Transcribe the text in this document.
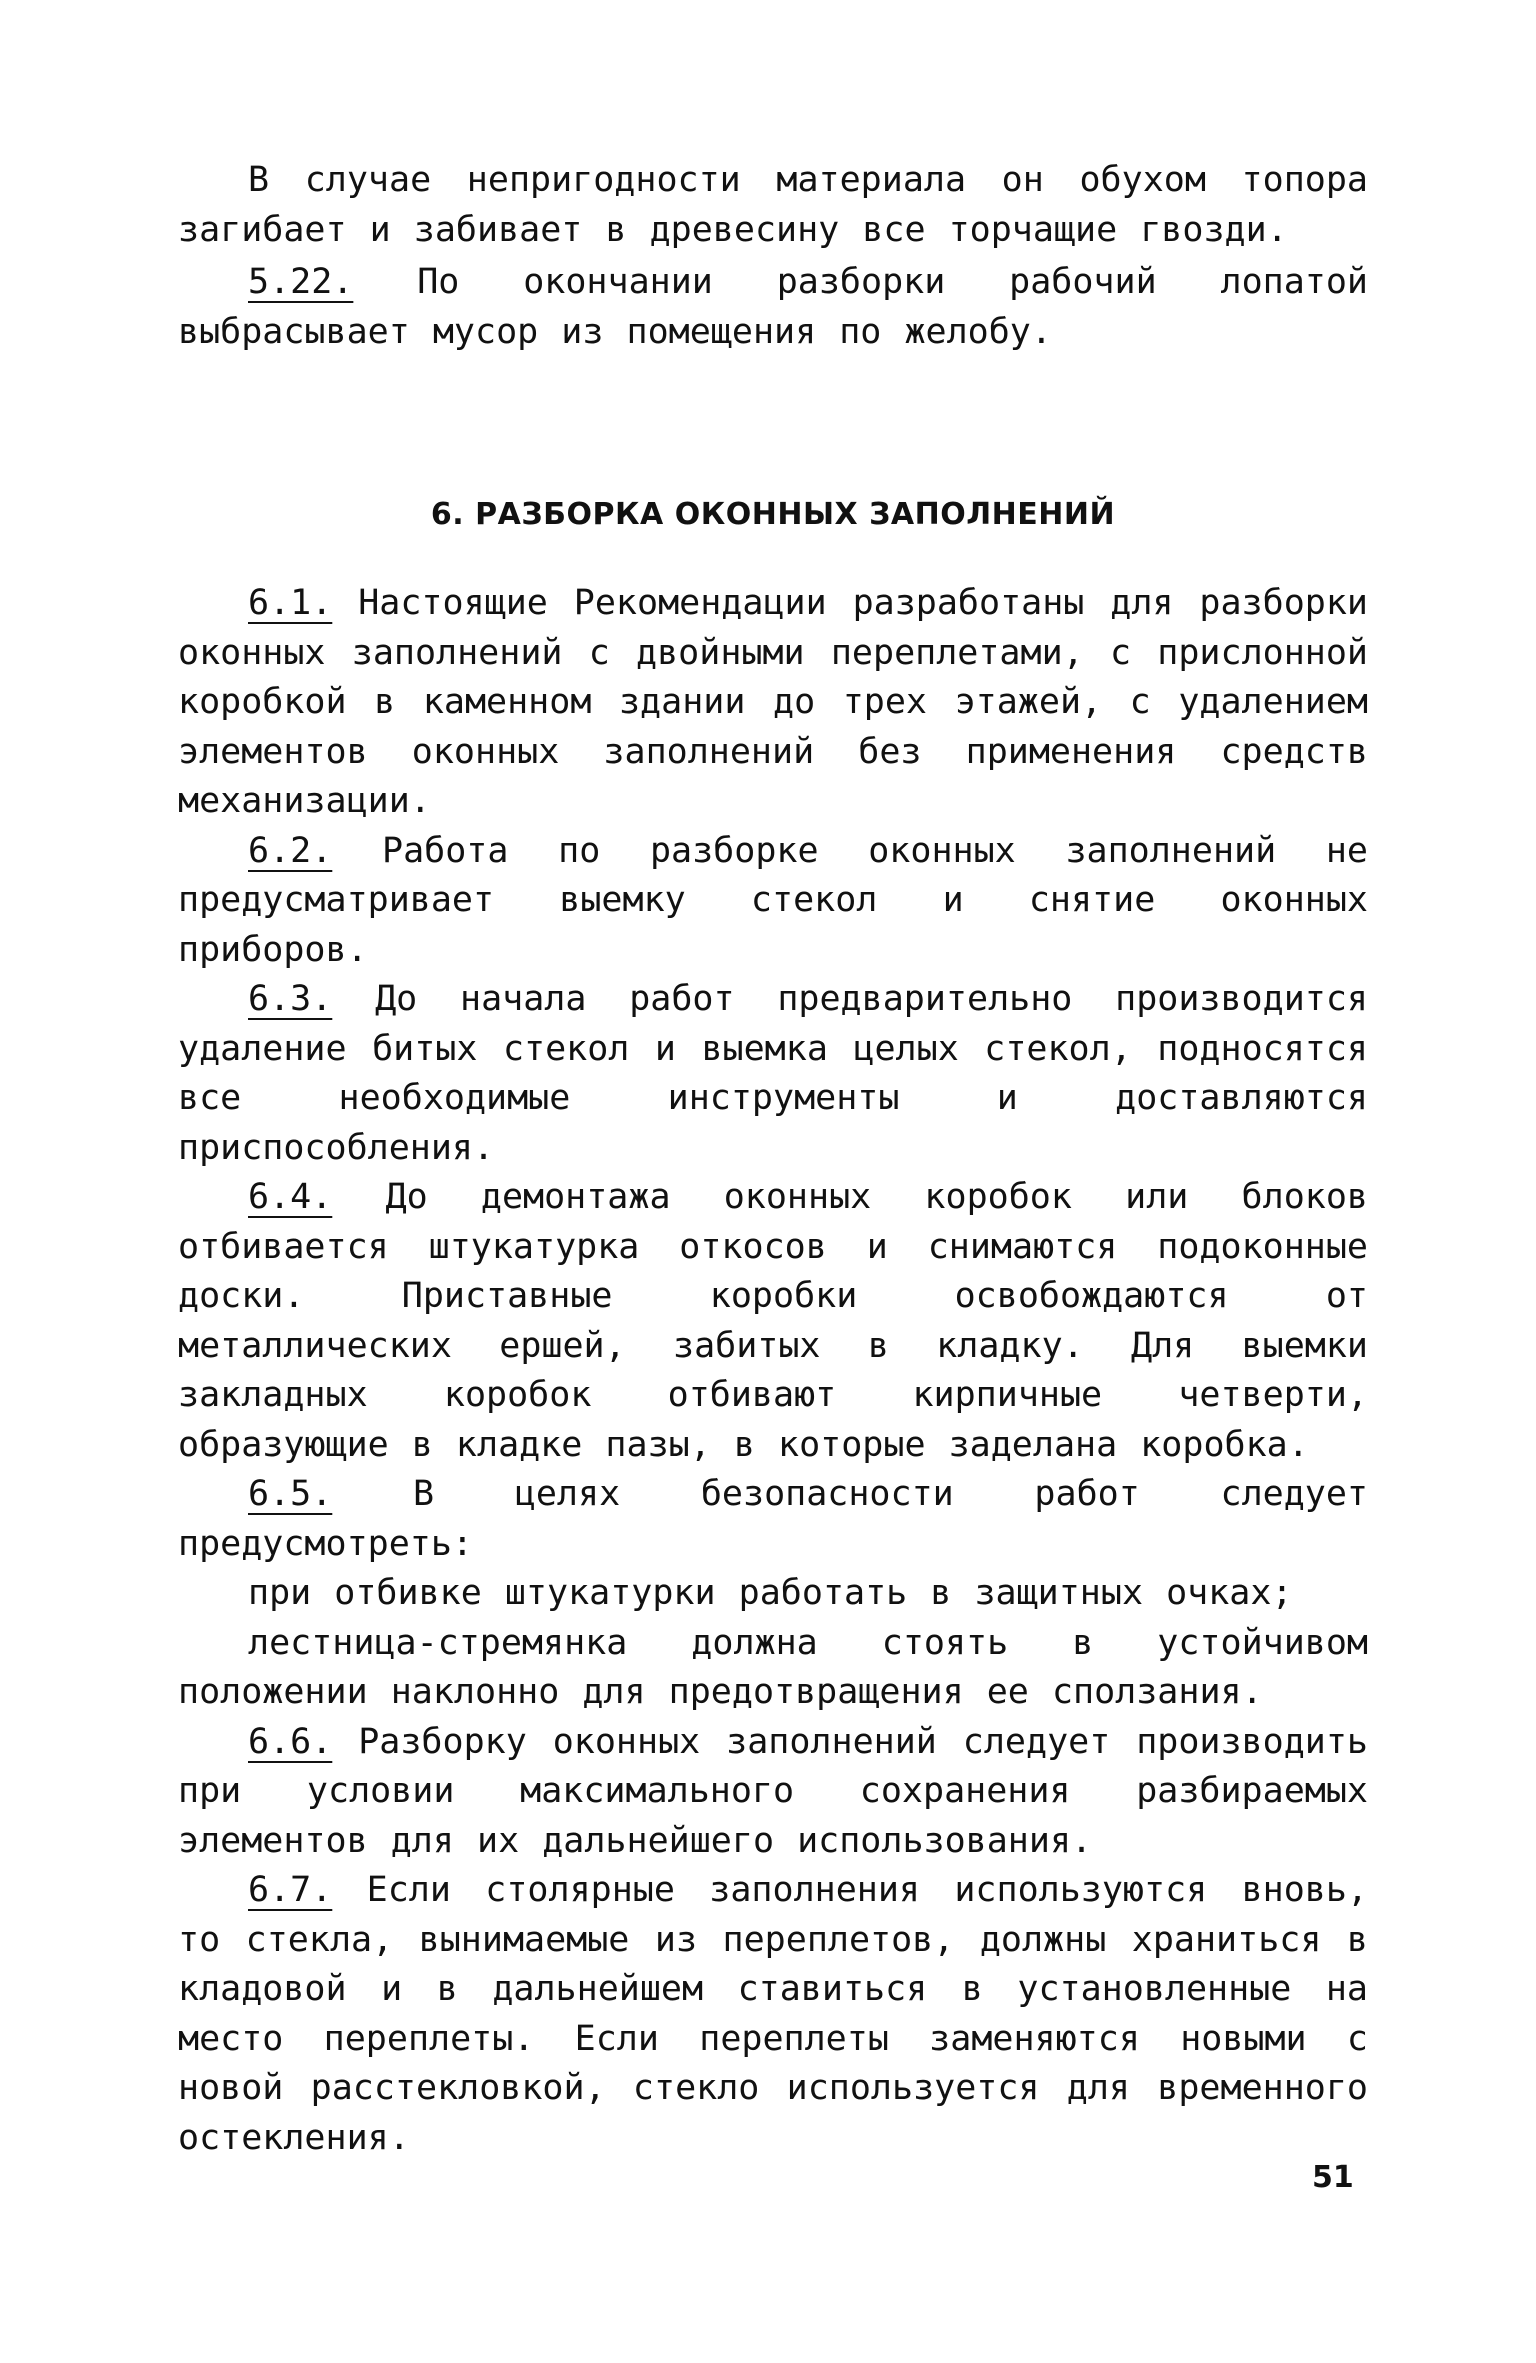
В случае непригодности материала он обухом топора загибает и забивает в древесину все торчащие гвозди.

5.22. По окончании разборки рабочий лопатой выбрасывает мусор из помещения по желобу.

6. РАЗБОРКА ОКОННЫХ ЗАПОЛНЕНИЙ

6.1. Настоящие Рекомендации разработаны для разборки оконных заполнений с двойными переплетами, с прислонной коробкой в каменном здании до трех этажей, с удалением элементов оконных заполнений без применения средств механизации.

6.2. Работа по разборке оконных заполнений не предусматривает выемку стекол и снятие оконных приборов.

6.3. До начала работ предварительно производится удаление битых стекол и выемка целых стекол, подносятся все необходимые инструменты и доставляются приспособления.

6.4. До демонтажа оконных коробок или блоков отбивается штукатурка откосов и снимаются подоконные доски. Приставные коробки освобождаются от металлических ершей, забитых в кладку. Для выемки закладных коробок отбивают кирпичные четверти, образующие в кладке пазы, в которые заделана коробка.

6.5. В целях безопасности работ следует предусмотреть:

при отбивке штукатурки работать в защитных очках;

лестница-стремянка должна стоять в устойчивом положении наклонно для предотвращения ее сползания.

6.6. Разборку оконных заполнений следует производить при условии максимального сохранения разбираемых элементов для их дальнейшего использования.

6.7. Если столярные заполнения используются вновь, то стекла, вынимаемые из переплетов, должны храниться в кладовой и в дальнейшем ставиться в установленные на место переплеты. Если переплеты заменяются новыми с новой расстекловкой, стекло используется для временного остекления.

51
